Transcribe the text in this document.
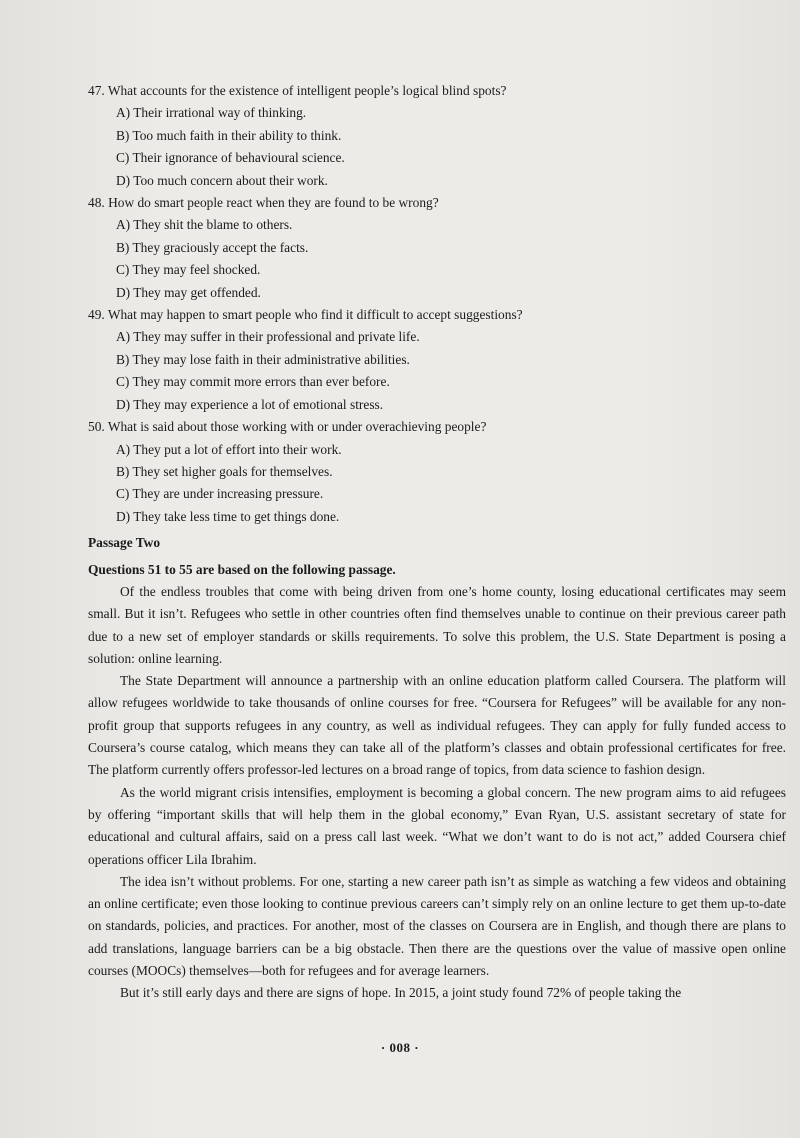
47. What accounts for the existence of intelligent people’s logical blind spots?
A) Their irrational way of thinking.
B) Too much faith in their ability to think.
C) Their ignorance of behavioural science.
D) Too much concern about their work.
48. How do smart people react when they are found to be wrong?
A) They shit the blame to others.
B) They graciously accept the facts.
C) They may feel shocked.
D) They may get offended.
49. What may happen to smart people who find it difficult to accept suggestions?
A) They may suffer in their professional and private life.
B) They may lose faith in their administrative abilities.
C) They may commit more errors than ever before.
D) They may experience a lot of emotional stress.
50. What is said about those working with or under overachieving people?
A) They put a lot of effort into their work.
B) They set higher goals for themselves.
C) They are under increasing pressure.
D) They take less time to get things done.
Passage Two
Questions 51 to 55 are based on the following passage.

Of the endless troubles that come with being driven from one’s home county, losing educational certificates may seem small. But it isn’t. Refugees who settle in other countries often find themselves unable to continue on their previous career path due to a new set of employer standards or skills requirements. To solve this problem, the U.S. State Department is posing a solution: online learning.

The State Department will announce a partnership with an online education platform called Coursera. The platform will allow refugees worldwide to take thousands of online courses for free. “Coursera for Refugees” will be available for any non-profit group that supports refugees in any country, as well as individual refugees. They can apply for fully funded access to Coursera’s course catalog, which means they can take all of the platform’s classes and obtain professional certificates for free. The platform currently offers professor-led lectures on a broad range of topics, from data science to fashion design.

As the world migrant crisis intensifies, employment is becoming a global concern. The new program aims to aid refugees by offering “important skills that will help them in the global economy,” Evan Ryan, U.S. assistant secretary of state for educational and cultural affairs, said on a press call last week. “What we don’t want to do is not act,” added Coursera chief operations officer Lila Ibrahim.

The idea isn’t without problems. For one, starting a new career path isn’t as simple as watching a few videos and obtaining an online certificate; even those looking to continue previous careers can’t simply rely on an online lecture to get them up-to-date on standards, policies, and practices. For another, most of the classes on Coursera are in English, and though there are plans to add translations, language barriers can be a big obstacle. Then there are the questions over the value of massive open online courses (MOOCs) themselves—both for refugees and for average learners.

But it’s still early days and there are signs of hope. In 2015, a joint study found 72% of people taking the

· 008 ·
